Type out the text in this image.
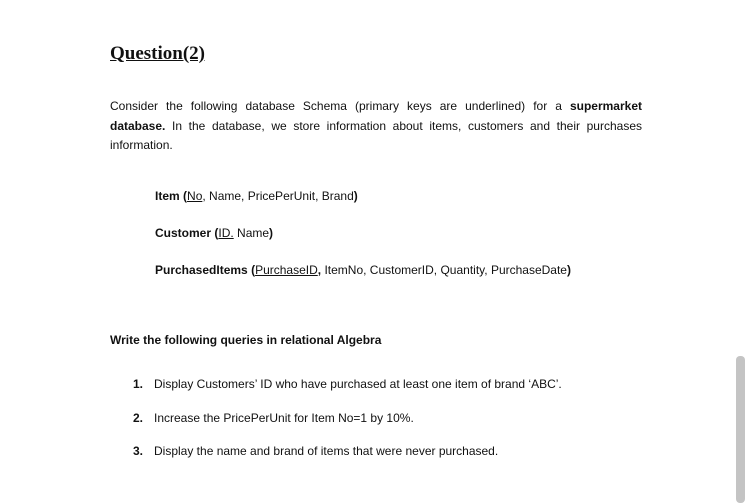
Question(2)

Consider the following database Schema (primary keys are underlined) for a supermarket database. In the database, we store information about items, customers and their purchases information.

Item (No, Name, PricePerUnit, Brand)

Customer (ID. Name)

PurchasedItems (PurchaseID, ItemNo, CustomerID, Quantity, PurchaseDate)

Write the following queries in relational Algebra

1. Display Customers’ ID who have purchased at least one item of brand ‘ABC’.
2. Increase the PricePerUnit for Item No=1 by 10%.
3. Display the name and brand of items that were never purchased.
